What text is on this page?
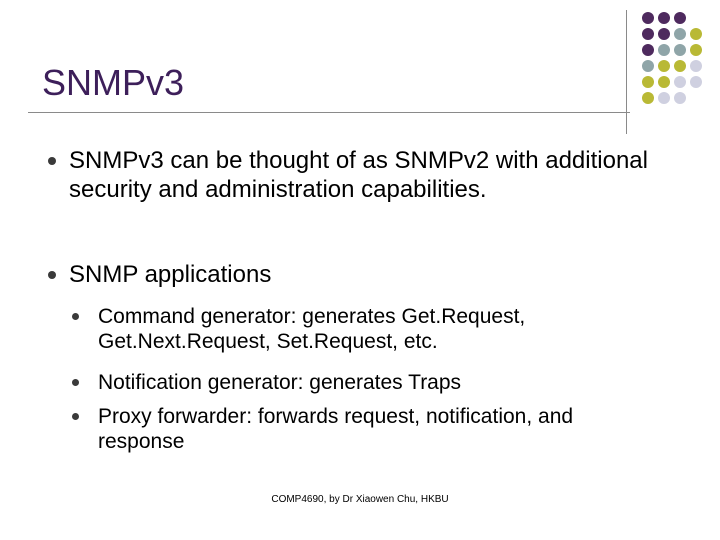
SNMPv3
SNMPv3 can be thought of as SNMPv2 with additional security and administration capabilities.
SNMP applications
Command generator: generates Get.Request, Get.Next.Request, Set.Request, etc.
Notification generator: generates Traps
Proxy forwarder: forwards request, notification, and response
COMP4690, by Dr Xiaowen Chu, HKBU
